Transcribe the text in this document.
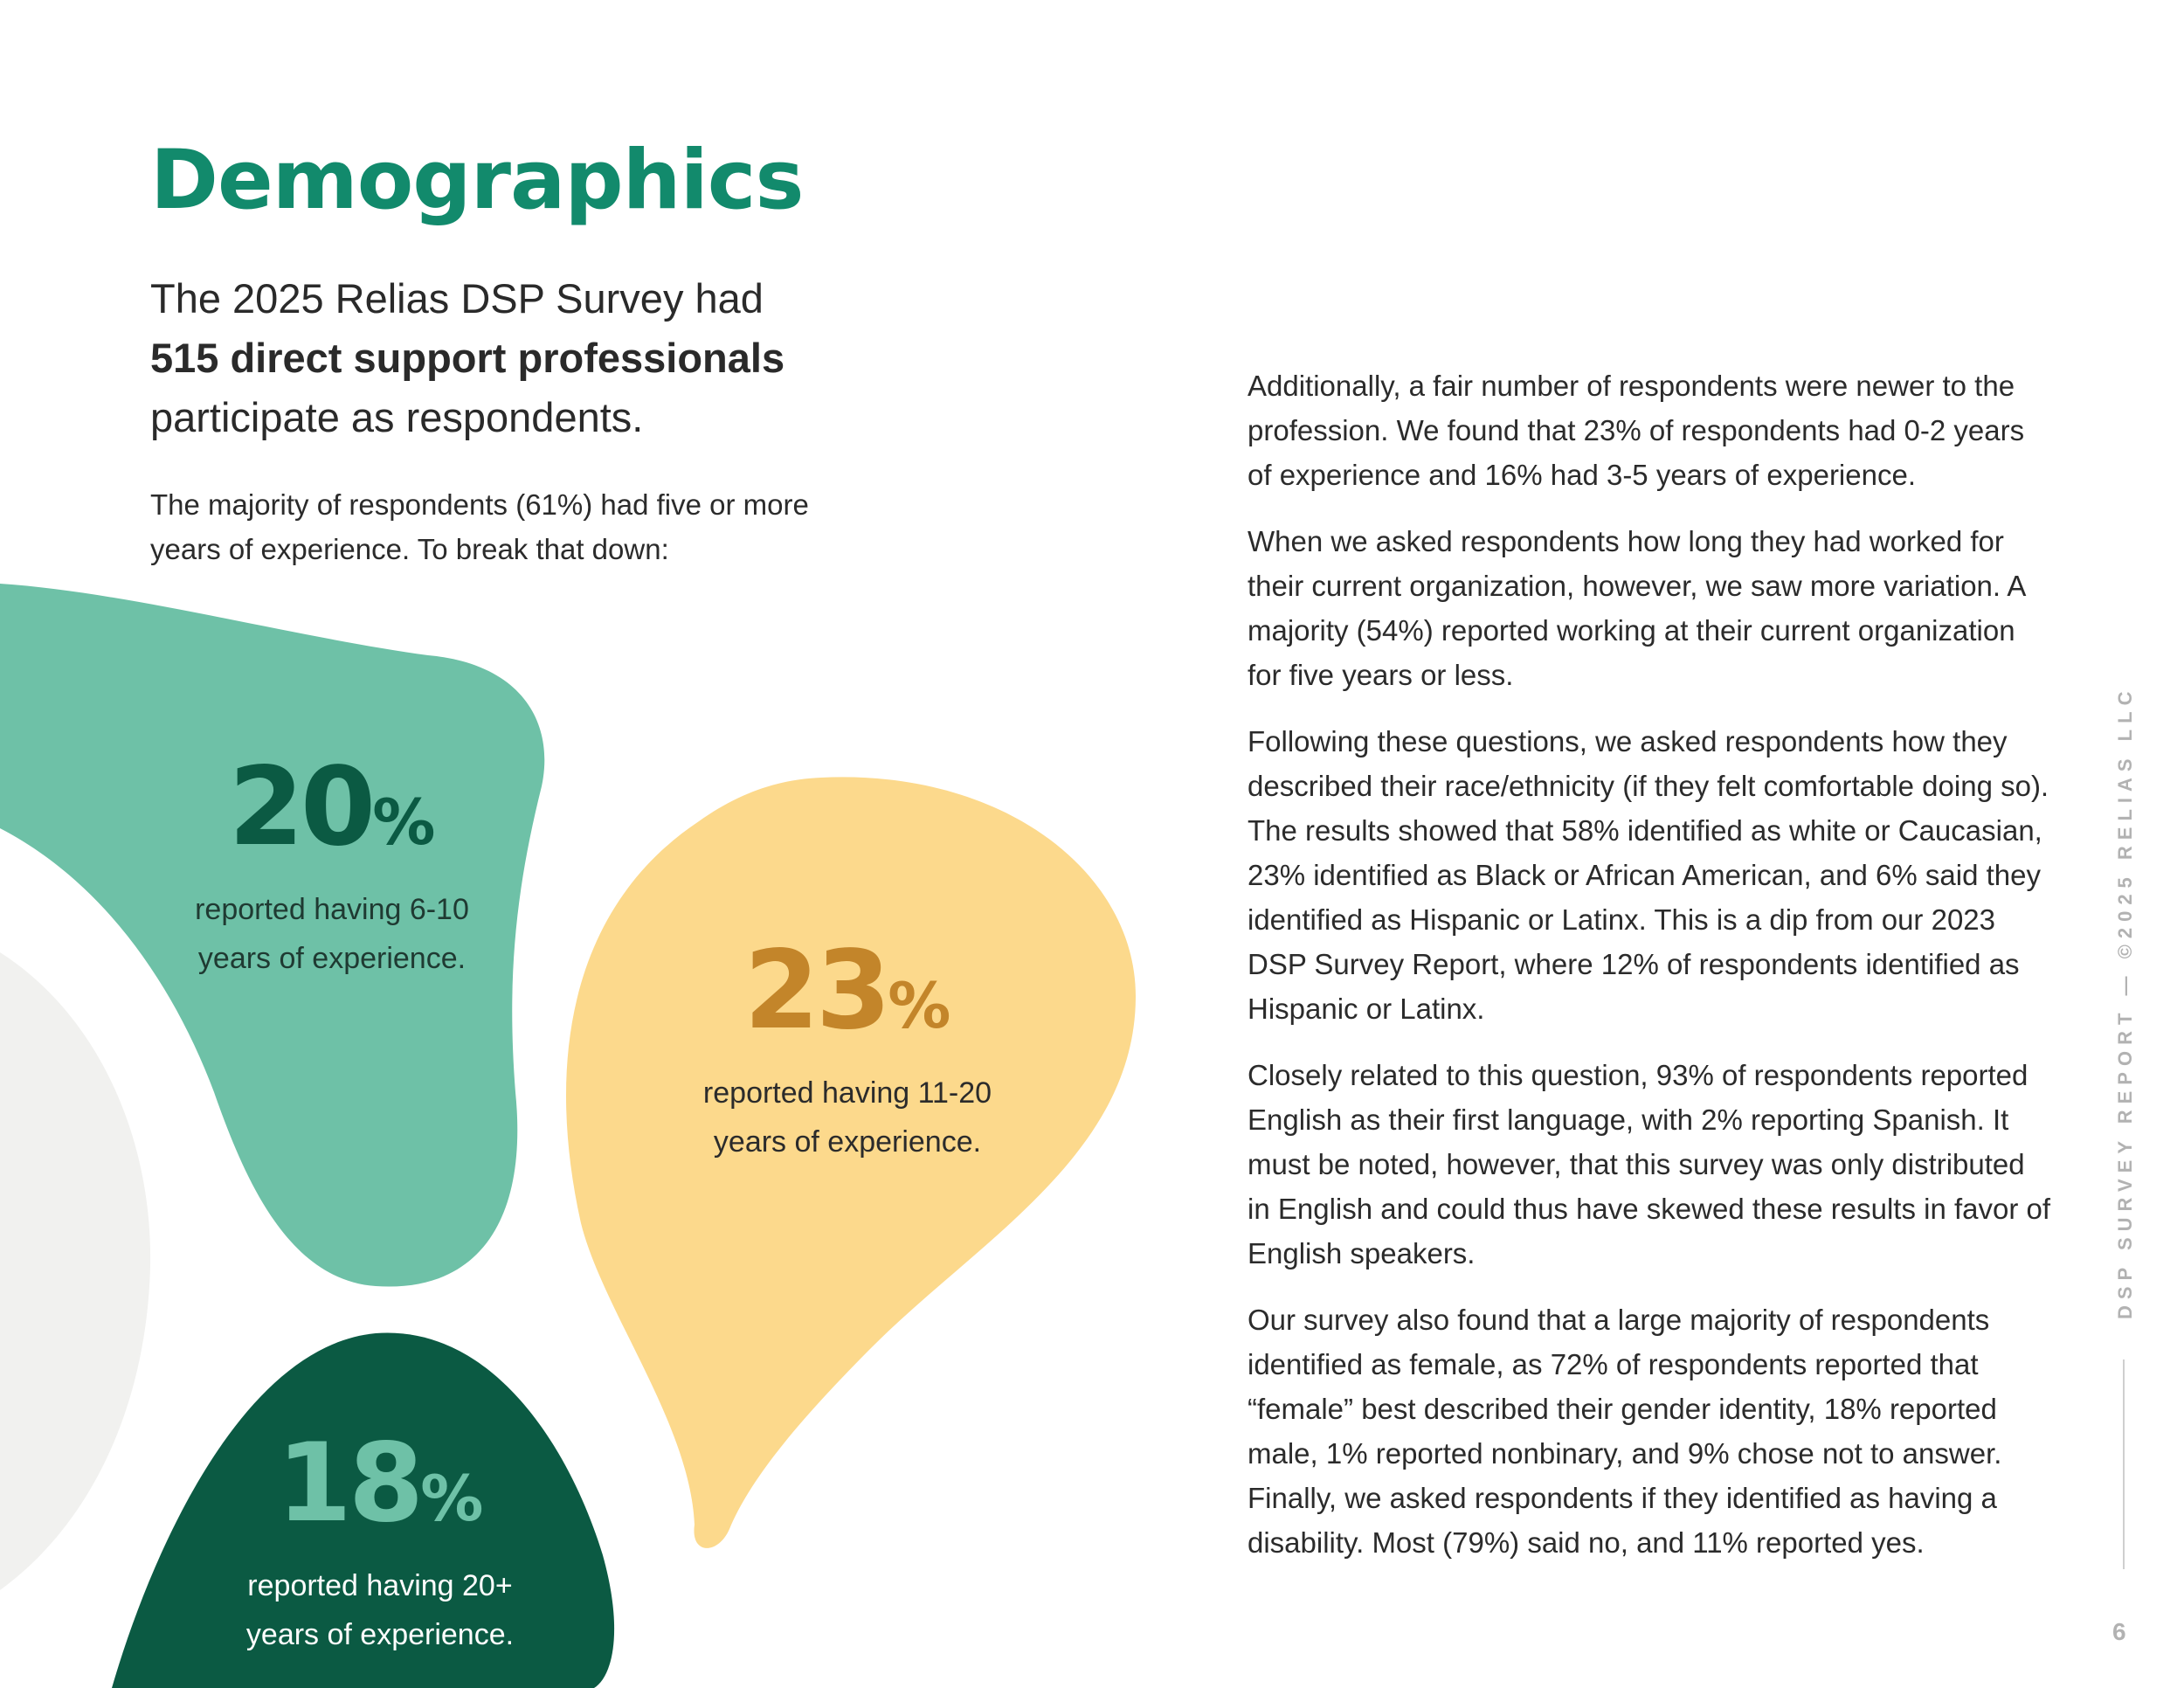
Demographics

The 2025 Relias DSP Survey had
515 direct support professionals
participate as respondents.

The majority of respondents (61%) had five or more years of experience. To break that down:

20%
reported having 6-10
years of experience.	23%
reported having 11-20
years of experience.
18%
reported having 20+
years of experience.

Additionally, a fair number of respondents were newer to the profession. We found that 23% of respondents had 0-2 years of experience and 16% had 3-5 years of experience.

When we asked respondents how long they had worked for their current organization, however, we saw more variation. A majority (54%) reported working at their current organization for five years or less.

Following these questions, we asked respondents how they described their race/ethnicity (if they felt comfortable doing so). The results showed that 58% identified as white or Caucasian, 23% identified as Black or African American, and 6% said they identified as Hispanic or Latinx. This is a dip from our 2023 DSP Survey Report, where 12% of respondents identified as Hispanic or Latinx.

Closely related to this question, 93% of respondents reported English as their first language, with 2% reporting Spanish. It must be noted, however, that this survey was only distributed in English and could thus have skewed these results in favor of English speakers.

Our survey also found that a large majority of respondents identified as female, as 72% of respondents reported that “female” best described their gender identity, 18% reported male, 1% reported nonbinary, and 9% chose not to answer. Finally, we asked respondents if they identified as having a disability. Most (79%) said no, and 11% reported yes.

DSP SURVEY REPORT — ©2025 RELIAS LLC
6
